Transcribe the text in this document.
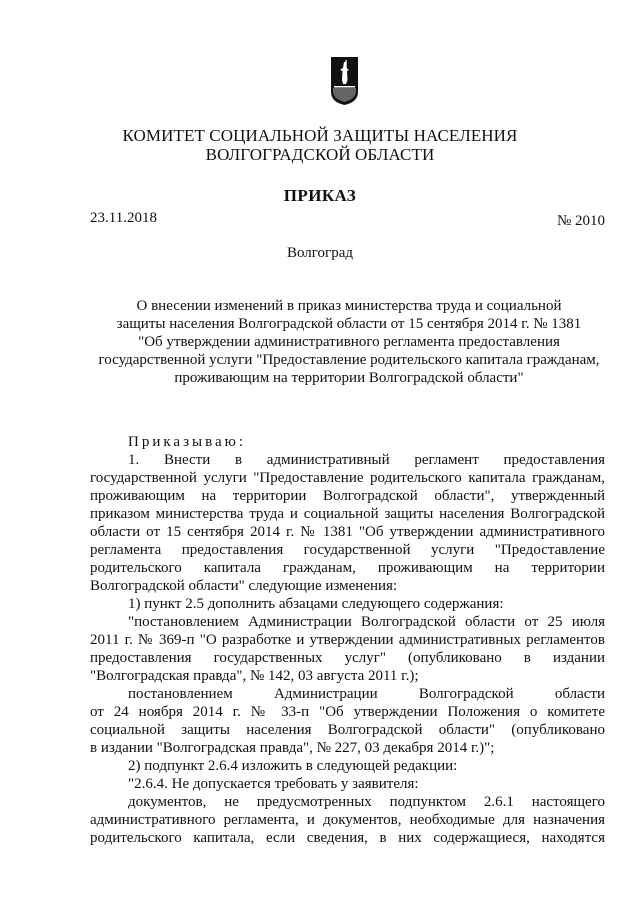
КОМИТЕТ СОЦИАЛЬНОЙ ЗАЩИТЫ НАСЕЛЕНИЯ
ВОЛГОГРАДСКОЙ ОБЛАСТИ
ПРИКАЗ
23.11.2018	№ 2010
Волгоград
О внесении изменений в приказ министерства труда и социальной
защиты населения Волгоградской области от 15 сентября 2014 г. № 1381
"Об утверждении административного регламента предоставления
государственной услуги "Предоставление родительского капитала гражданам,
проживающим на территории Волгоградской области"
Приказываю:
1. Внести в административный регламент предоставления
государственной услуги "Предоставление родительского капитала гражданам,
проживающим на территории Волгоградской области", утвержденный
приказом министерства труда и социальной защиты населения Волгоградской
области от 15 сентября 2014 г. № 1381 "Об утверждении административного
регламента предоставления государственной услуги "Предоставление
родительского капитала гражданам, проживающим на территории
Волгоградской области" следующие изменения:
1) пункт 2.5 дополнить абзацами следующего содержания:
"постановлением Администрации Волгоградской области от 25 июля
2011 г. № 369-п "О разработке и утверждении административных регламентов
предоставления государственных услуг" (опубликовано в издании
"Волгоградская правда", № 142, 03 августа 2011 г.);
постановлением Администрации Волгоградской области
от 24 ноября 2014 г. № 33-п "Об утверждении Положения о комитете
социальной защиты населения Волгоградской области" (опубликовано
в издании "Волгоградская правда", № 227, 03 декабря 2014 г.)";
2) подпункт 2.6.4 изложить в следующей редакции:
"2.6.4. Не допускается требовать у заявителя:
документов, не предусмотренных подпунктом 2.6.1 настоящего
административного регламента, и документов, необходимые для назначения
родительского капитала, если сведения, в них содержащиеся, находятся
